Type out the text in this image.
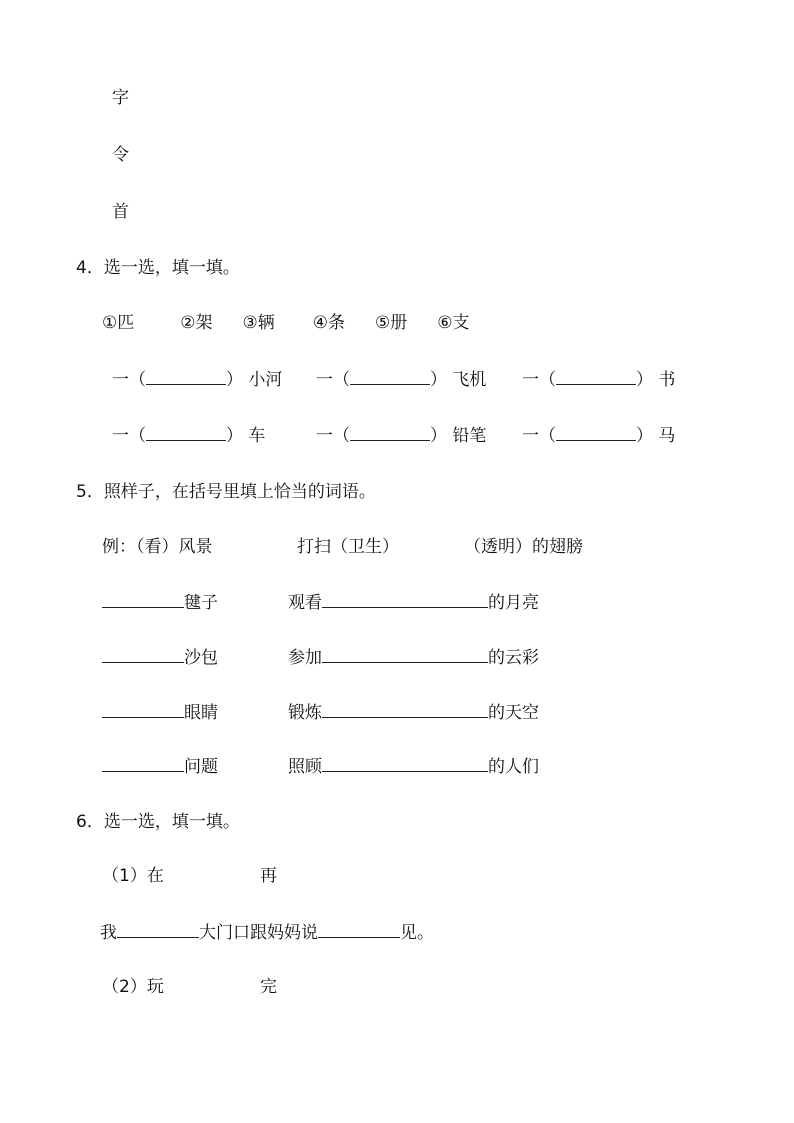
字
令
首
4．选一选，填一填。
①匹	②架 ③辆 ④条 ⑤册 ⑥支
一（	） 小河 一（	） 飞机 一（	） 书
一（	） 车	一（	） 铅笔 一（	） 马
5．照样子，在括号里填上恰当的词语。
例：（看）风景	打扫（卫生）	（透明）的翅膀
毽子	观看	的月亮
沙包	参加	的云彩
眼睛	锻炼	的天空
问题	照顾	的人们
6．选一选，填一填。
（1）在	再
我	大门口跟妈妈说	见。
（2）玩	完
